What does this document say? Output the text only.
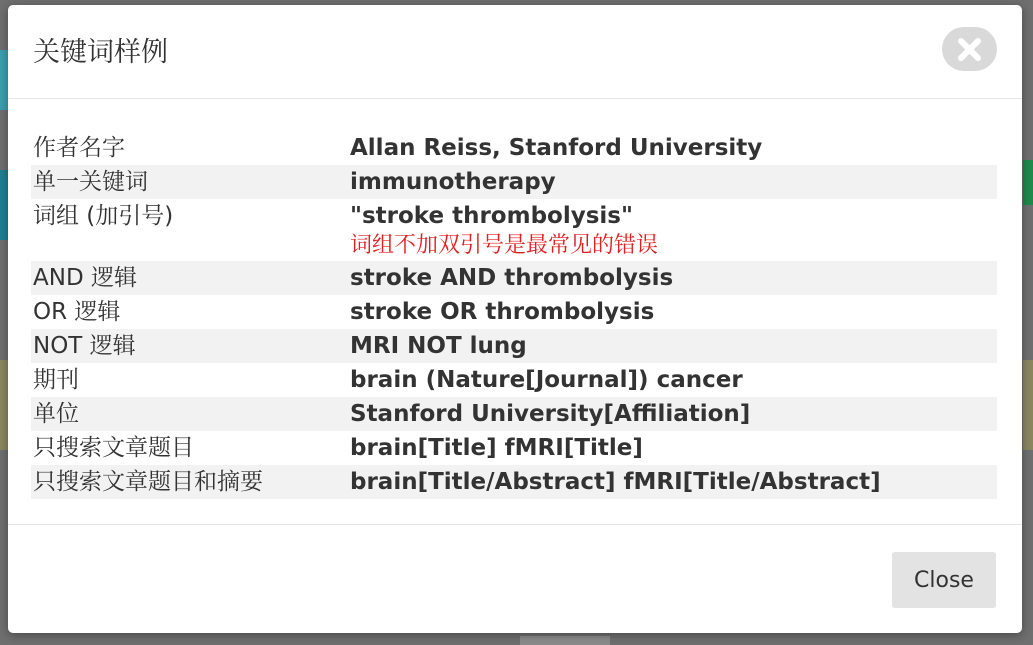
关键词样例
作者名字	Allan Reiss, Stanford University
单一关键词	immunotherapy
词组 (加引号)	"stroke thrombolysis"
词组不加双引号是最常见的错误
AND 逻辑	stroke AND thrombolysis
OR 逻辑	stroke OR thrombolysis
NOT 逻辑	MRI NOT lung
期刊	brain (Nature[Journal]) cancer
单位	Stanford University[Affiliation]
只搜索文章题目	brain[Title] fMRI[Title]
只搜索文章题目和摘要	brain[Title/Abstract] fMRI[Title/Abstract]
Close
